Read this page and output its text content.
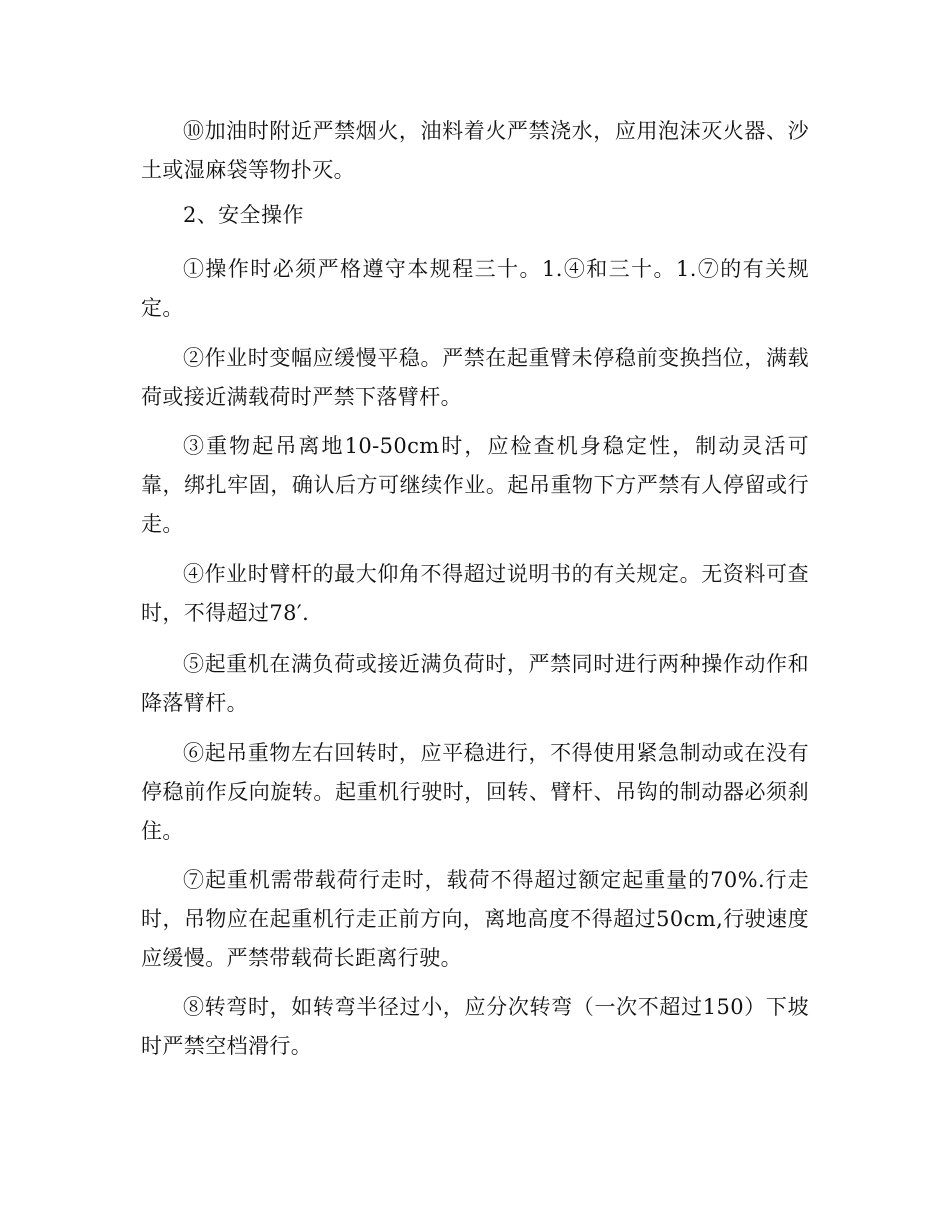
⑩加油时附近严禁烟火，油料着火严禁浇水，应用泡沫灭火器、沙土或湿麻袋等物扑灭。

2、安全操作

①操作时必须严格遵守本规程三十。1.④和三十。1.⑦的有关规定。

②作业时变幅应缓慢平稳。严禁在起重臂未停稳前变换挡位，满载荷或接近满载荷时严禁下落臂杆。

③重物起吊离地10-50cm时，应检查机身稳定性，制动灵活可靠，绑扎牢固，确认后方可继续作业。起吊重物下方严禁有人停留或行走。

④作业时臂杆的最大仰角不得超过说明书的有关规定。无资料可查时，不得超过78′.

⑤起重机在满负荷或接近满负荷时，严禁同时进行两种操作动作和降落臂杆。

⑥起吊重物左右回转时，应平稳进行，不得使用紧急制动或在没有停稳前作反向旋转。起重机行驶时，回转、臂杆、吊钩的制动器必须刹住。

⑦起重机需带载荷行走时，载荷不得超过额定起重量的70%.行走时，吊物应在起重机行走正前方向，离地高度不得超过50cm,行驶速度应缓慢。严禁带载荷长距离行驶。

⑧转弯时，如转弯半径过小，应分次转弯（一次不超过150）下坡时严禁空档滑行。
